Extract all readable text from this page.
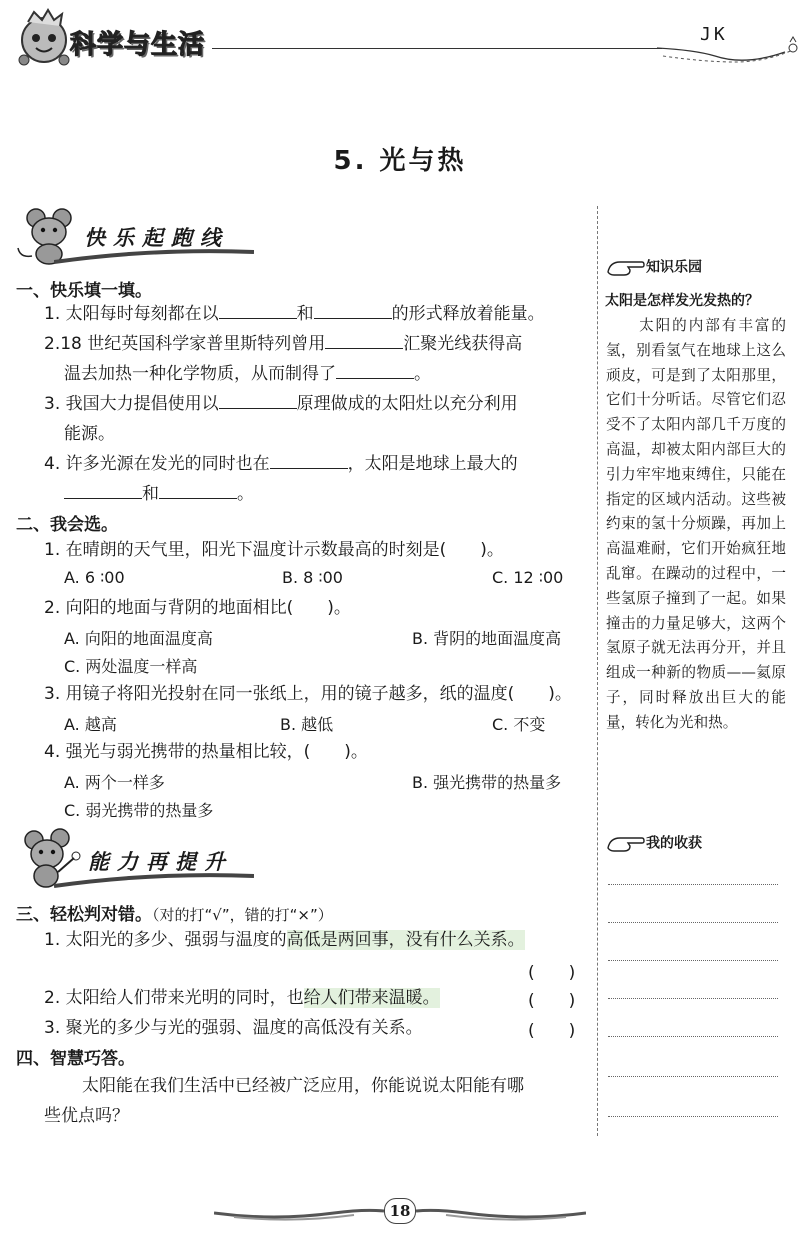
科学与生活	JK
5. 光与热
快乐起跑线
一、快乐填一填。
1. 太阳每时每刻都在以	和	的形式释放着能量。
2.18 世纪英国科学家普里斯特列曾用	汇聚光线获得高
温去加热一种化学物质，从而制得了	。
3. 我国大力提倡使用以	原理做成的太阳灶以充分利用
能源。
4. 许多光源在发光的同时也在	，太阳是地球上最大的
和	。
二、我会选。
1. 在晴朗的天气里，阳光下温度计示数最高的时刻是(　　)。
A. 6 ∶00	B. 8 ∶00	C. 12 ∶00
2. 向阳的地面与背阴的地面相比(　　)。
A. 向阳的地面温度高	B. 背阴的地面温度高
C. 两处温度一样高
3. 用镜子将阳光投射在同一张纸上，用的镜子越多，纸的温度(　　)。
A. 越高	B. 越低	C. 不变
4. 强光与弱光携带的热量相比较，(　　)。
A. 两个一样多	B. 强光携带的热量多
C. 弱光携带的热量多
能力再提升
三、轻松判对错。（对的打“√”，错的打“×”）
1. 太阳光的多少、强弱与温度的高低是两回事，没有什么关系。
(　　)
2. 太阳给人们带来光明的同时，也给人们带来温暖。	(　　)
3. 聚光的多少与光的强弱、温度的高低没有关系。	(　　)
四、智慧巧答。
太阳能在我们生活中已经被广泛应用，你能说说太阳能有哪
些优点吗？
知识乐园
太阳是怎样发光发热的？
　　太阳的内部有丰富的氢，别看氢气在地球上这么顽皮，可是到了太阳那里，它们十分听话。尽管它们忍受不了太阳内部几千万度的高温，却被太阳内部巨大的引力牢牢地束缚住，只能在指定的区域内活动。这些被约束的氢十分烦躁，再加上高温难耐，它们开始疯狂地乱窜。在躁动的过程中，一些氢原子撞到了一起。如果撞击的力量足够大，这两个氢原子就无法再分开，并且组成一种新的物质——氦原子，同时释放出巨大的能量，转化为光和热。
我的收获
18
